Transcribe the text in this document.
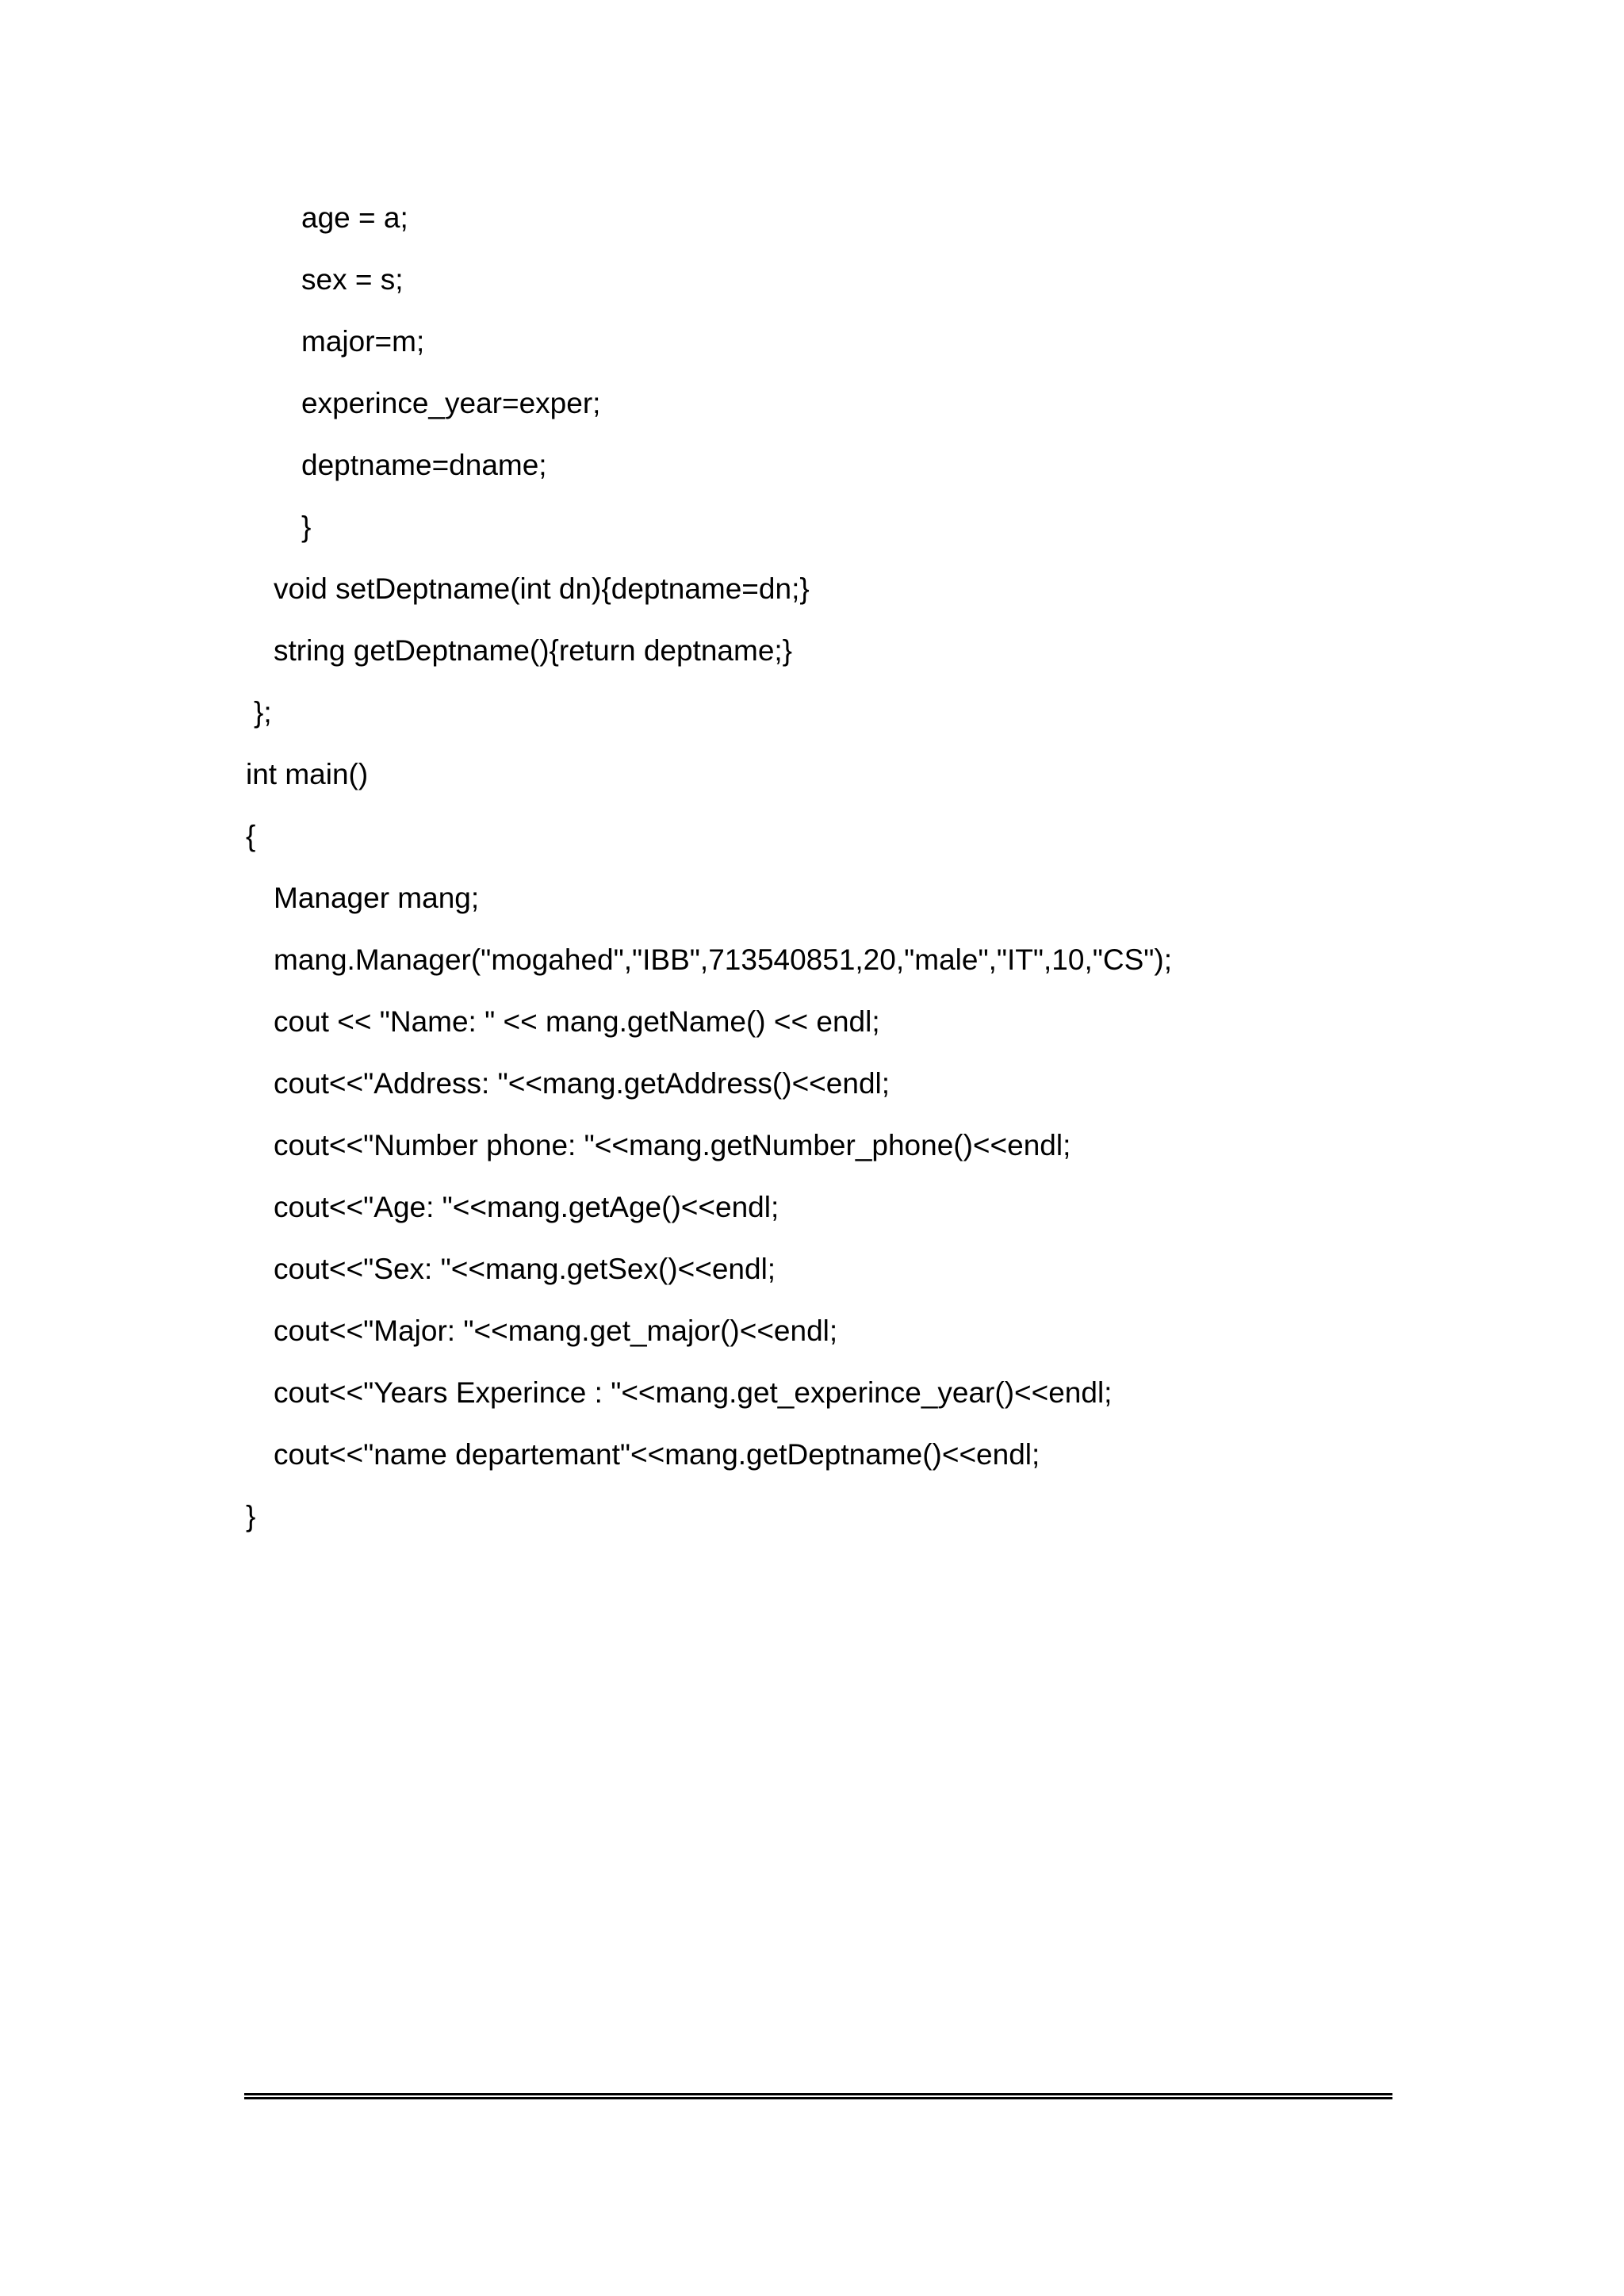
age = a;
sex = s;
major=m;
experince_year=exper;
deptname=dname;
}
void setDeptname(int dn){deptname=dn;}
string getDeptname(){return deptname;}
};
int main()
{
Manager mang;
mang.Manager("mogahed","IBB",713540851,20,"male","IT",10,"CS");
cout << "Name: " << mang.getName() << endl;
cout<<"Address: "<<mang.getAddress()<<endl;
cout<<"Number phone: "<<mang.getNumber_phone()<<endl;
cout<<"Age: "<<mang.getAge()<<endl;
cout<<"Sex: "<<mang.getSex()<<endl;
cout<<"Major: "<<mang.get_major()<<endl;
cout<<"Years Experince : "<<mang.get_experince_year()<<endl;
cout<<"name departemant"<<mang.getDeptname()<<endl;
}
